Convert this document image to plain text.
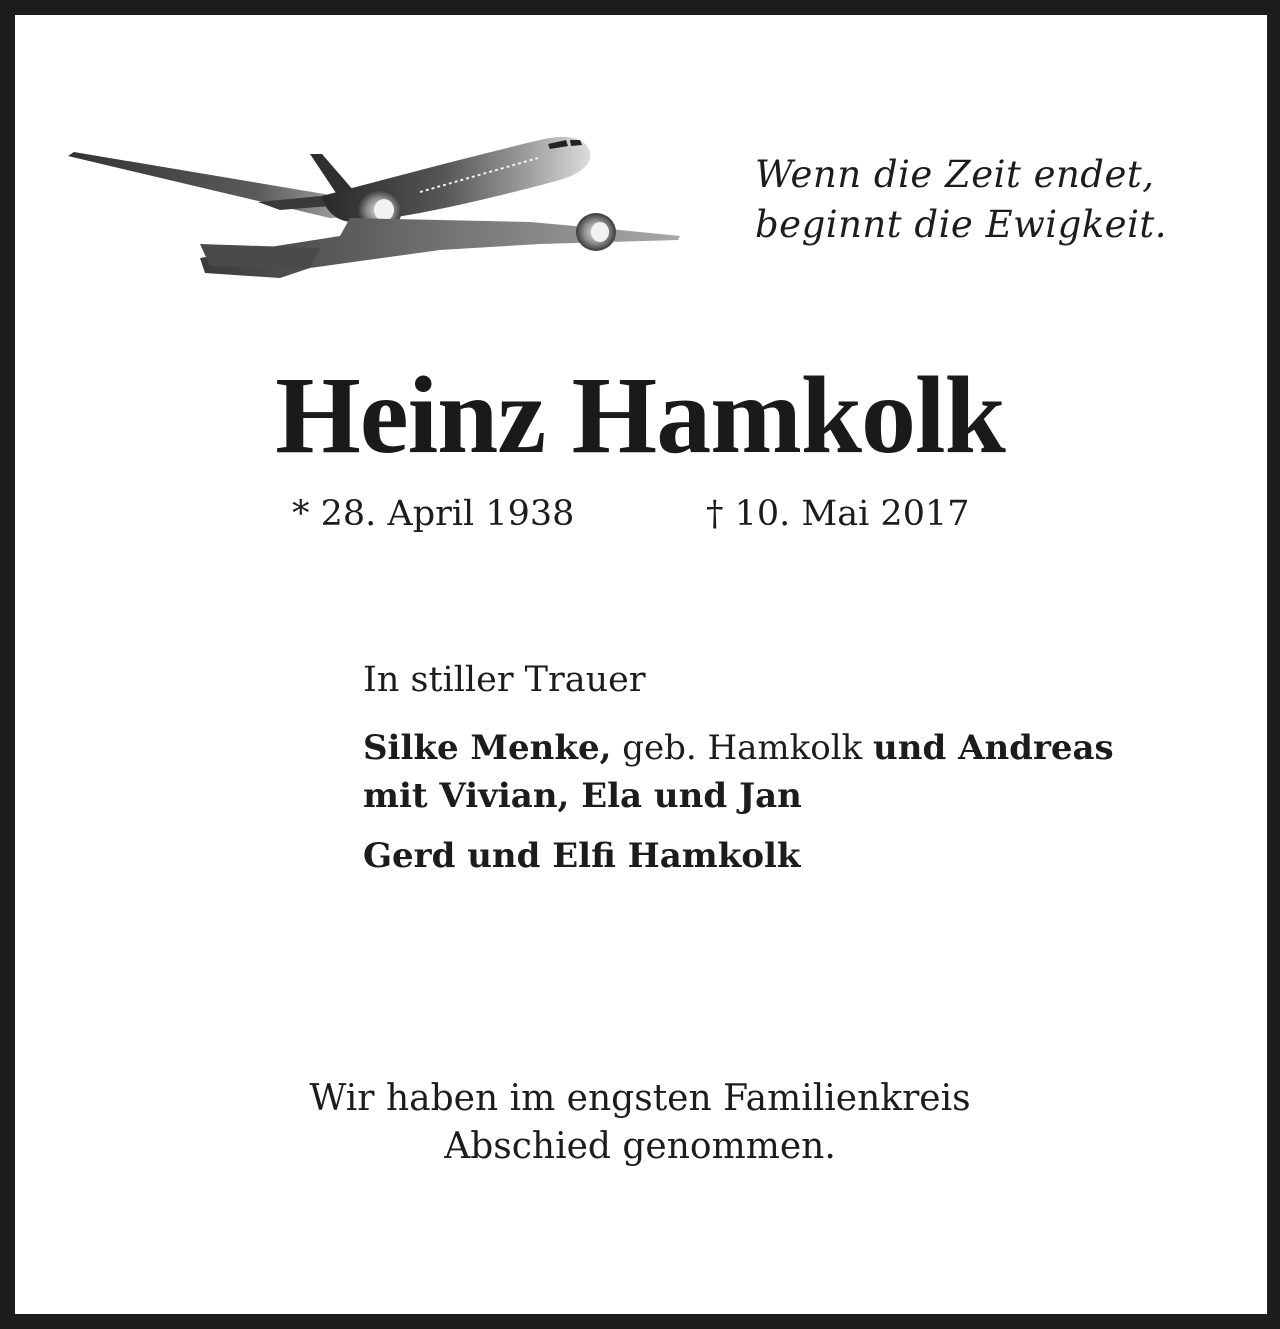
Wenn die Zeit endet,
beginnt die Ewigkeit.
Heinz Hamkolk
* 28. April 1938	† 10. Mai 2017
In stiller Trauer
Silke Menke, geb. Hamkolk und Andreas
mit Vivian, Ela und Jan
Gerd und Elfi Hamkolk
Wir haben im engsten Familienkreis
Abschied genommen.
